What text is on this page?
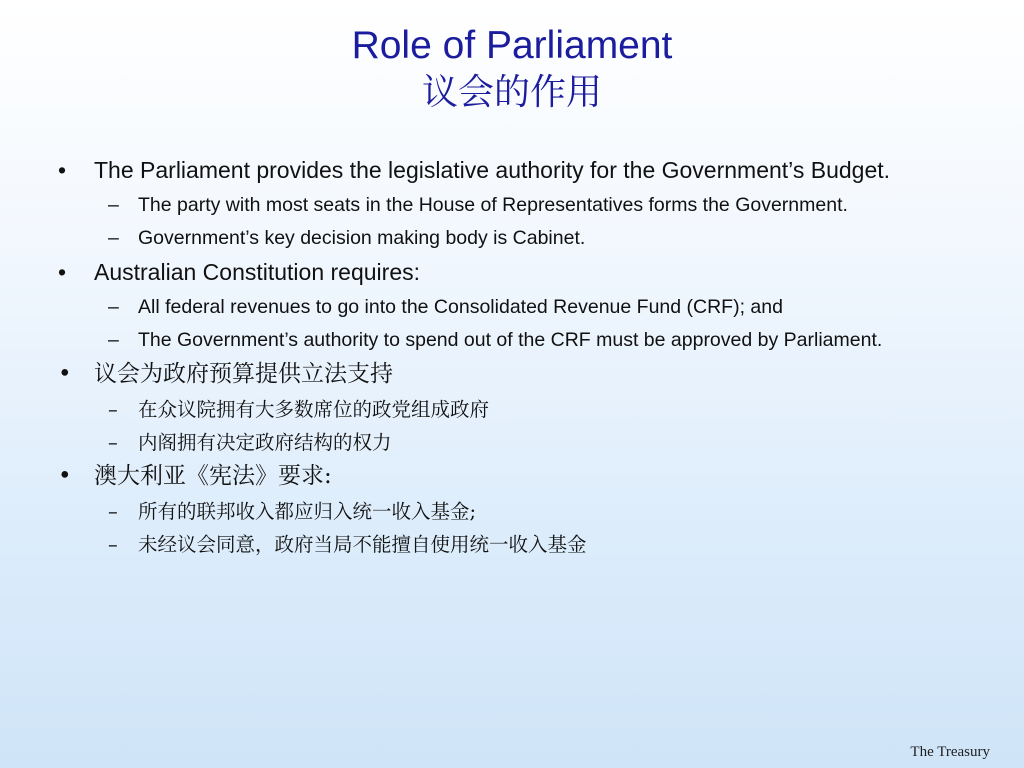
Role of Parliament
议会的作用
• The Parliament provides the legislative authority for the Government’s Budget.
– The party with most seats in the House of Representatives forms the Government.
– Government’s key decision making body is Cabinet.
• Australian Constitution requires:
– All federal revenues to go into the Consolidated Revenue Fund (CRF); and
– The Government’s authority to spend out of the CRF must be approved by Parliament.
• 议会为政府预算提供立法支持
– 在众议院拥有大多数席位的政党组成政府
– 内阁拥有决定政府结构的权力
• 澳大利亚《宪法》要求:
– 所有的联邦收入都应归入统一收入基金;
– 未经议会同意，政府当局不能擅自使用统一收入基金
The Treasury
